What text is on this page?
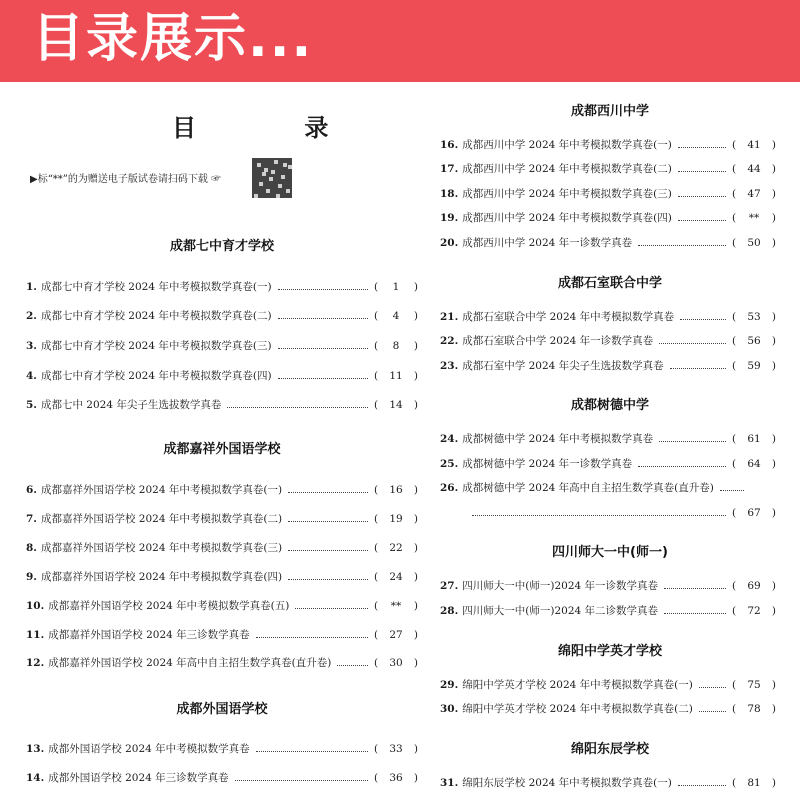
目录展示...
目 录
▶标“**”的为赠送电子版试卷请扫码下载 ☞
成都七中育才学校
1. 成都七中育才学校 2024 年中考模拟数学真卷(一)	(	1	)
2. 成都七中育才学校 2024 年中考模拟数学真卷(二)	(	4	)
3. 成都七中育才学校 2024 年中考模拟数学真卷(三)	(	8	)
4. 成都七中育才学校 2024 年中考模拟数学真卷(四)	(	11	)
5. 成都七中 2024 年尖子生选拔数学真卷	(	14	)
成都嘉祥外国语学校
6. 成都嘉祥外国语学校 2024 年中考模拟数学真卷(一)	(	16	)
7. 成都嘉祥外国语学校 2024 年中考模拟数学真卷(二)	(	19	)
8. 成都嘉祥外国语学校 2024 年中考模拟数学真卷(三)	(	22	)
9. 成都嘉祥外国语学校 2024 年中考模拟数学真卷(四)	(	24	)
10. 成都嘉祥外国语学校 2024 年中考模拟数学真卷(五)	(	**	)
11. 成都嘉祥外国语学校 2024 年三诊数学真卷	(	27	)
12. 成都嘉祥外国语学校 2024 年高中自主招生数学真卷(直升卷)	(	30	)
成都外国语学校
13. 成都外国语学校 2024 年中考模拟数学真卷	(	33	)
14. 成都外国语学校 2024 年三诊数学真卷	(	36	)
成都西川中学
16. 成都西川中学 2024 年中考模拟数学真卷(一)	(	41	)
17. 成都西川中学 2024 年中考模拟数学真卷(二)	(	44	)
18. 成都西川中学 2024 年中考模拟数学真卷(三)	(	47	)
19. 成都西川中学 2024 年中考模拟数学真卷(四)	(	**	)
20. 成都西川中学 2024 年一诊数学真卷	(	50	)
成都石室联合中学
21. 成都石室联合中学 2024 年中考模拟数学真卷	(	53	)
22. 成都石室联合中学 2024 年一诊数学真卷	(	56	)
23. 成都石室中学 2024 年尖子生选拔数学真卷	(	59	)
成都树德中学
24. 成都树德中学 2024 年中考模拟数学真卷	(	61	)
25. 成都树德中学 2024 年一诊数学真卷	(	64	)
26. 成都树德中学 2024 年高中自主招生数学真卷(直升卷)
(	67	)
四川师大一中(师一)
27. 四川师大一中(师一)2024 年一诊数学真卷	(	69	)
28. 四川师大一中(师一)2024 年二诊数学真卷	(	72	)
绵阳中学英才学校
29. 绵阳中学英才学校 2024 年中考模拟数学真卷(一)	(	75	)
30. 绵阳中学英才学校 2024 年中考模拟数学真卷(二)	(	78	)
绵阳东辰学校
31. 绵阳东辰学校 2024 年中考模拟数学真卷(一)	(	81	)
